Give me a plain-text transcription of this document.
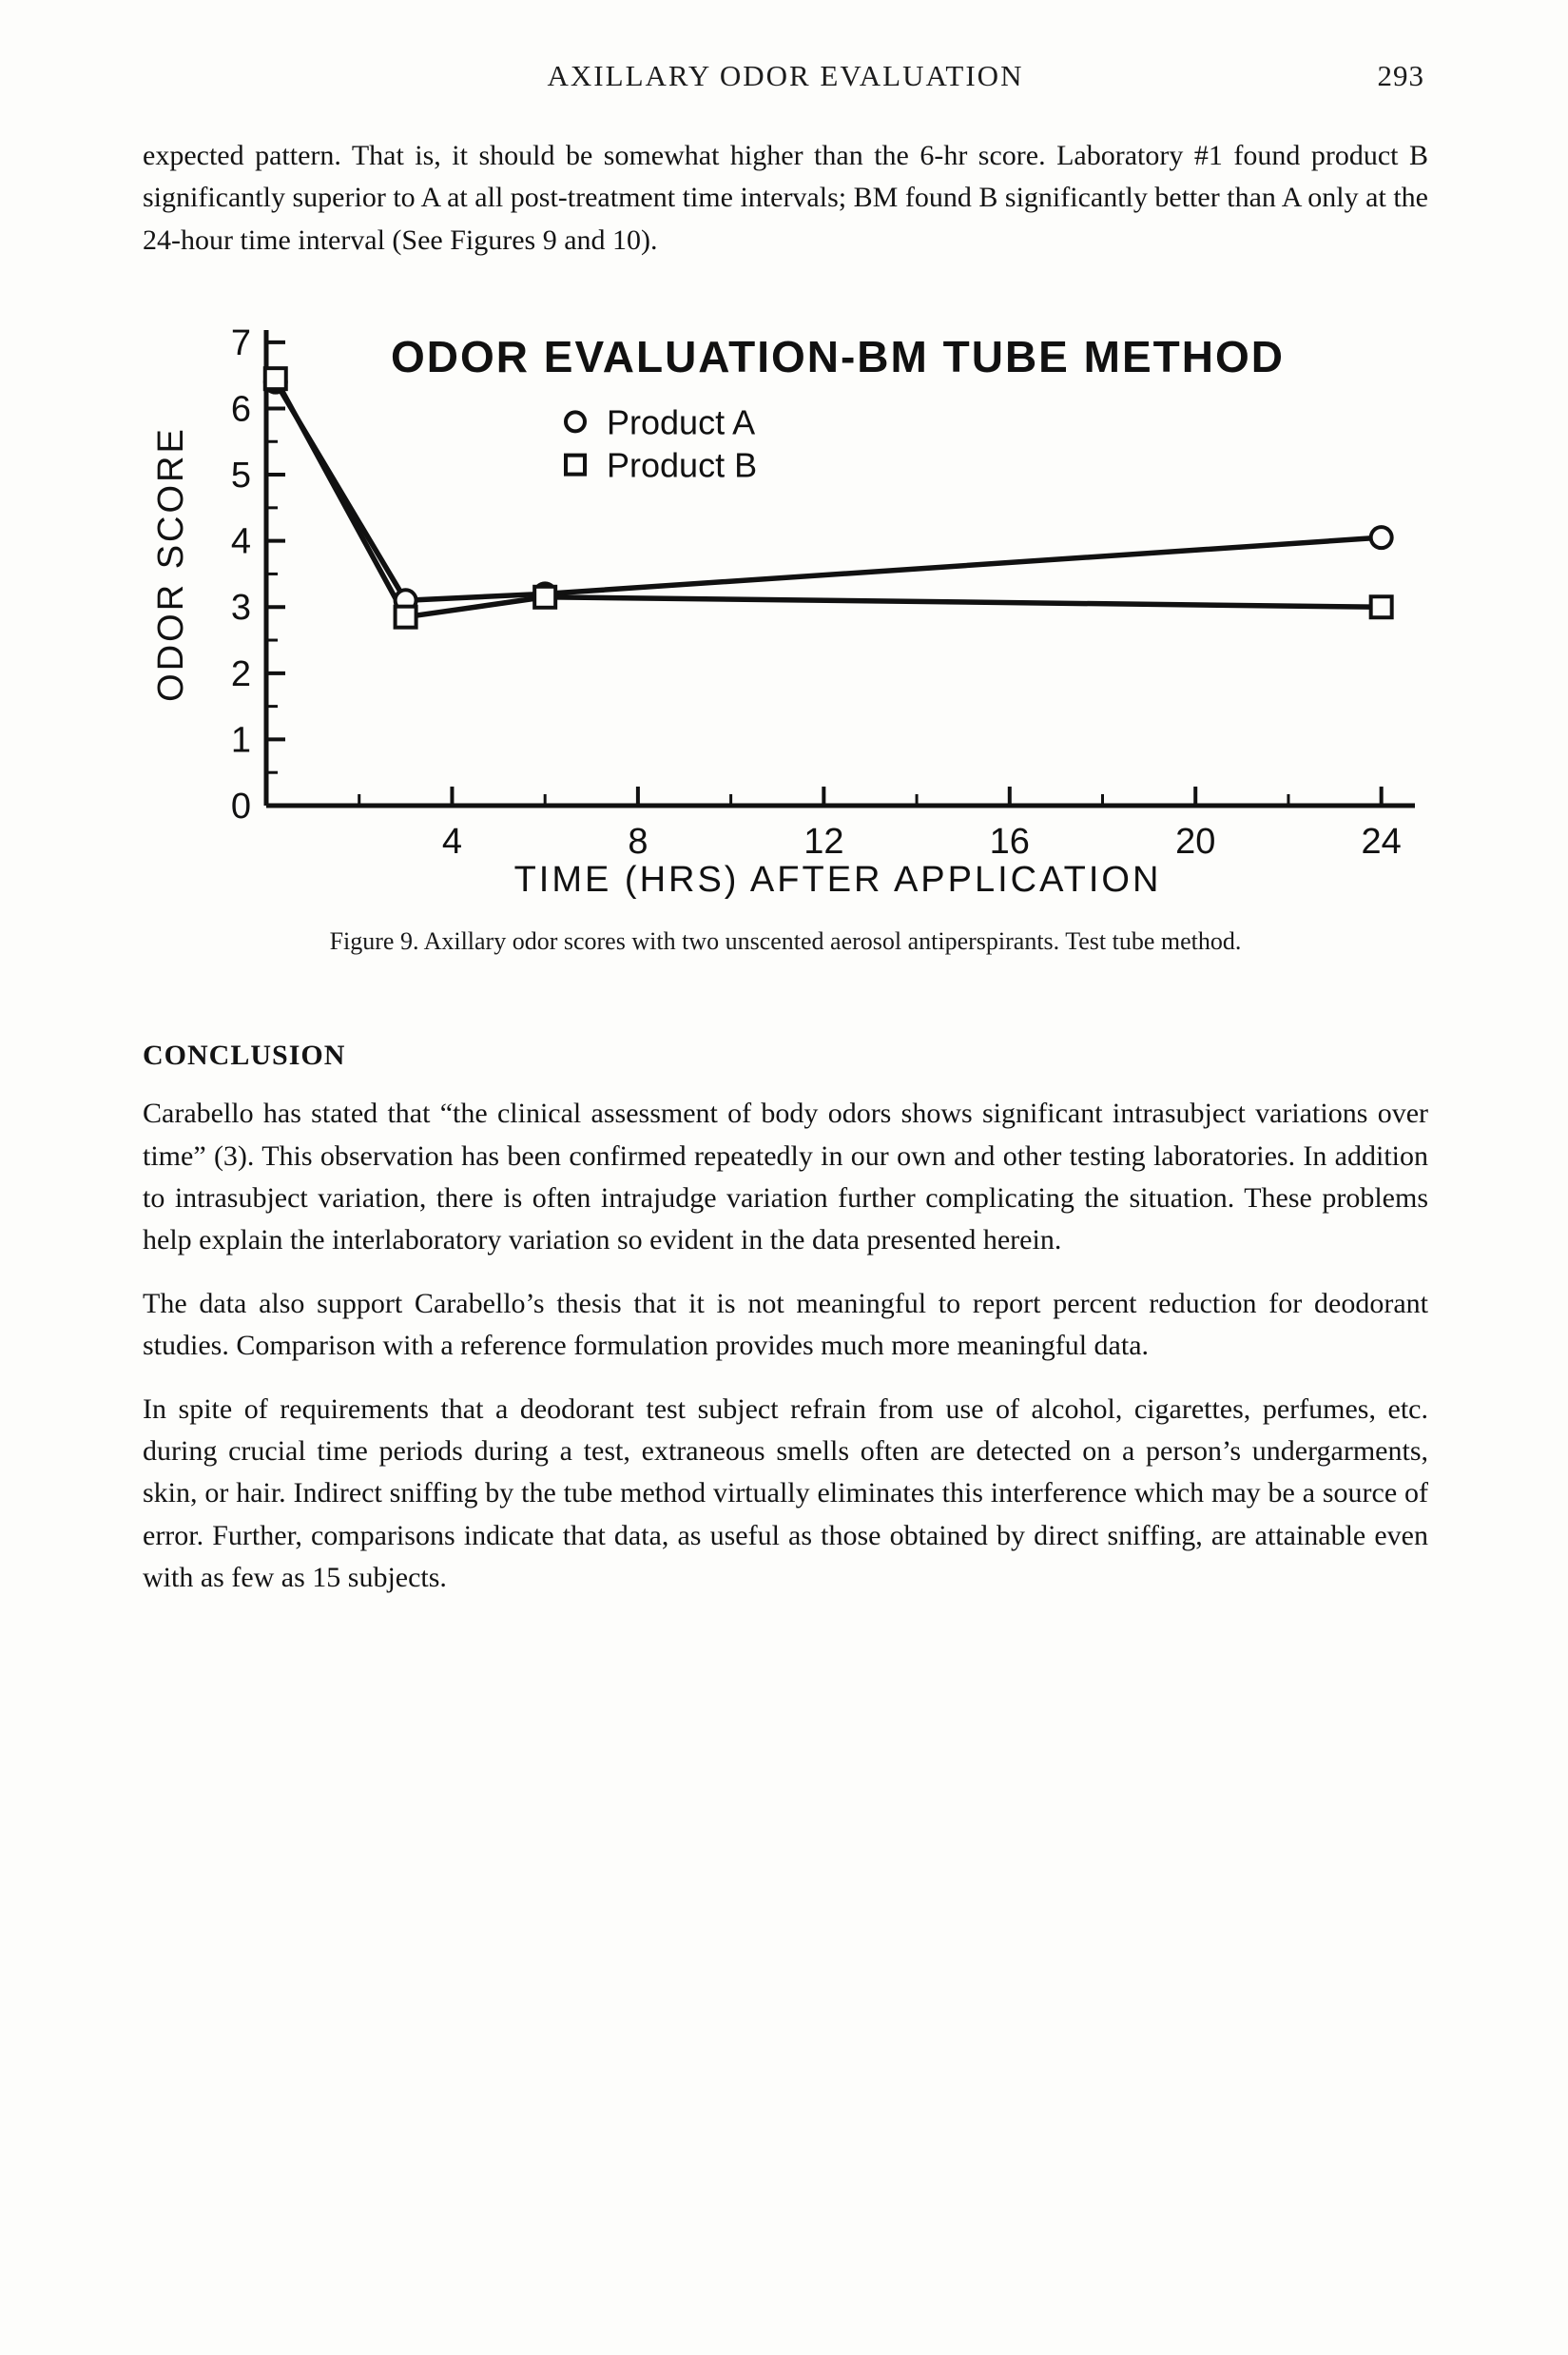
AXILLARY ODOR EVALUATION	293

expected pattern. That is, it should be somewhat higher than the 6-hr score. Laboratory #1 found product B significantly superior to A at all post-treatment time intervals; BM found B significantly better than A only at the 24-hour time interval (See Figures 9 and 10).

ODOR EVALUATION-BM TUBE METHOD
0
1
2
3
4
5
6
7
4	8	12	16	20	24
ODOR SCORE
TIME (HRS) AFTER APPLICATION
Product A
Product B
Figure 9. Axillary odor scores with two unscented aerosol antiperspirants. Test tube method.
CONCLUSION

Carabello has stated that “the clinical assessment of body odors shows significant intrasubject variations over time” (3). This observation has been confirmed repeatedly in our own and other testing laboratories. In addition to intrasubject variation, there is often intrajudge variation further complicating the situation. These problems help explain the interlaboratory variation so evident in the data presented herein.

The data also support Carabello’s thesis that it is not meaningful to report percent reduction for deodorant studies. Comparison with a reference formulation provides much more meaningful data.

In spite of requirements that a deodorant test subject refrain from use of alcohol, cigarettes, perfumes, etc. during crucial time periods during a test, extraneous smells often are detected on a person’s undergarments, skin, or hair. Indirect sniffing by the tube method virtually eliminates this interference which may be a source of error. Further, comparisons indicate that data, as useful as those obtained by direct sniffing, are attainable even with as few as 15 subjects.
